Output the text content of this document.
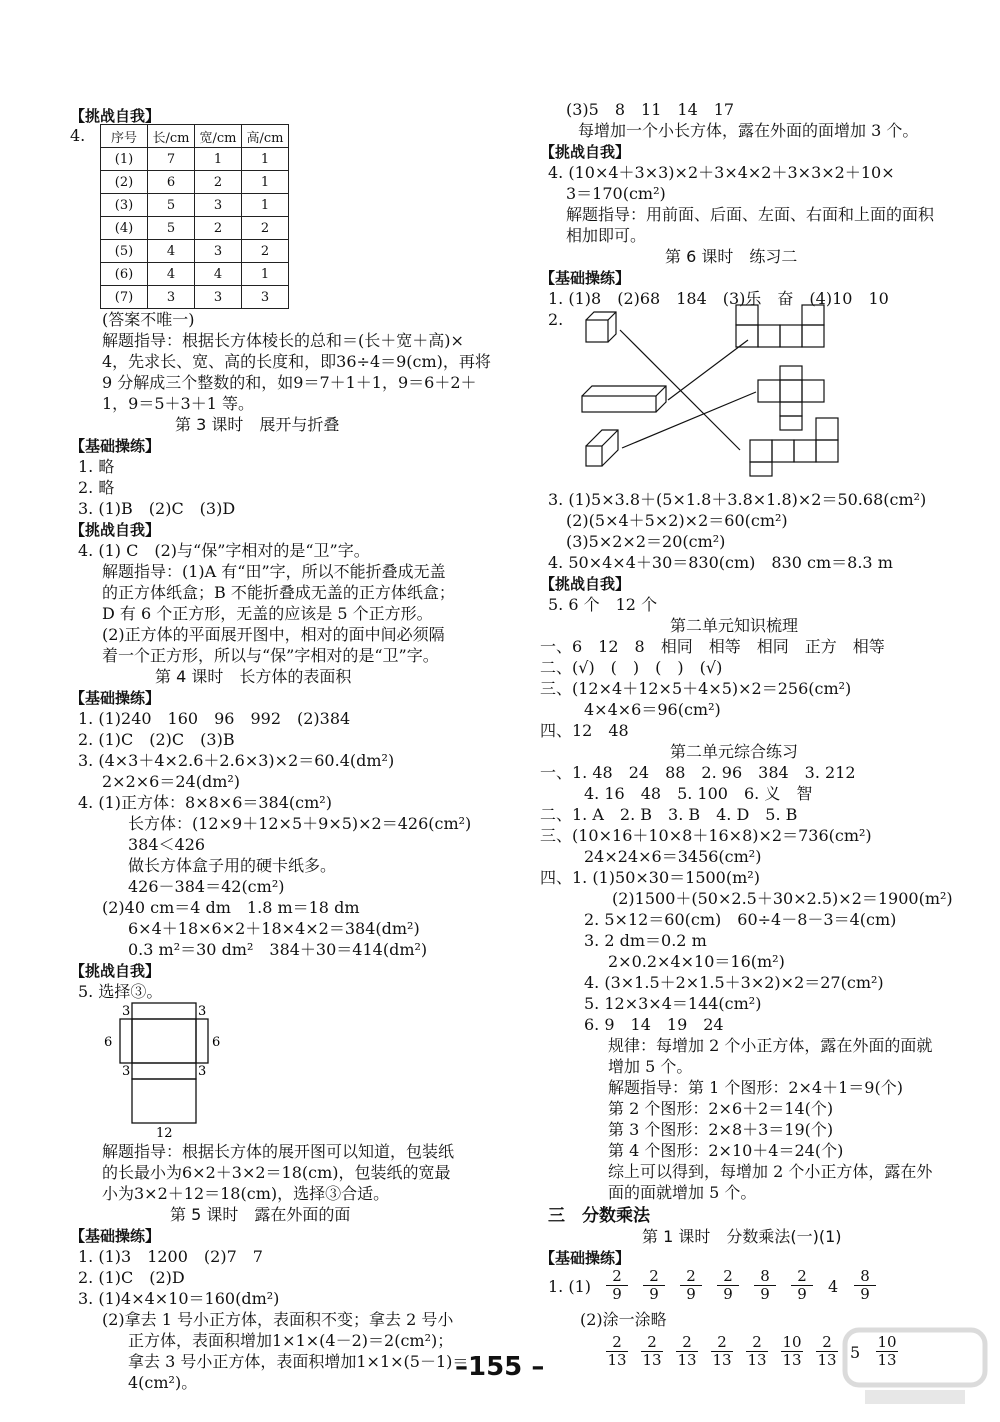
【挑战自我】
4. 序号	长/cm	宽/cm	高/cm
(1)	7	1	1
(2)	6	2	1
(3)	5	3	1
(4)	5	2	2
(5)	4	3	2
(6)	4	4	1
(7)	3	3	3
(答案不唯一)
解题指导：根据长方体棱长的总和＝(长＋宽＋高)×
4，先求长、宽、高的长度和，即36÷4＝9(cm)，再将
9 分解成三个整数的和，如9＝7＋1＋1，9＝6＋2＋
1，9＝5＋3＋1 等。
第 3 课时　展开与折叠
【基础操练】
1. 略
2. 略
3. (1)B　(2)C　(3)D
【挑战自我】
4. (1) C　(2)与“保”字相对的是“卫”字。
解题指导：(1)A 有“田”字，所以不能折叠成无盖
的正方体纸盒；B 不能折叠成无盖的正方体纸盒；
D 有 6 个正方形，无盖的应该是 5 个正方形。
(2)正方体的平面展开图中，相对的面中间必须隔
着一个正方形，所以与“保”字相对的是“卫”字。
第 4 课时　长方体的表面积
【基础操练】
1. (1)240　160　96　992　(2)384
2. (1)C　(2)C　(3)B
3. (4×3＋4×2.6＋2.6×3)×2＝60.4(dm²)
2×2×6＝24(dm²)
4. (1)正方体：8×8×6＝384(cm²)
长方体：(12×9＋12×5＋9×5)×2＝426(cm²)
384＜426
做长方体盒子用的硬卡纸多。
426－384＝42(cm²)
(2)40 cm＝4 dm　1.8 m＝18 dm
6×4＋18×6×2＋18×4×2＝384(dm²)
0.3 m²＝30 dm²　384＋30＝414(dm²)
【挑战自我】
5. 选择③。
3	3
6	6
3	3
12
解题指导：根据长方体的展开图可以知道，包装纸
的长最小为6×2＋3×2＝18(cm)，包装纸的宽最
小为3×2＋12＝18(cm)，选择③合适。
第 5 课时　露在外面的面
【基础操练】
1. (1)3　1200　(2)7　7
2. (1)C　(2)D
3. (1)4×4×10＝160(dm²)
(2)拿去 1 号小正方体，表面积不变；拿去 2 号小
正方体，表面积增加1×1×(4－2)＝2(cm²)；
拿去 3 号小正方体，表面积增加1×1×(5－1)＝
4(cm²)。
(3)5　8　11　14　17
每增加一个小长方体，露在外面的面增加 3 个。
【挑战自我】
4. (10×4＋3×3)×2＋3×4×2＋3×3×2＋10×
3＝170(cm²)
解题指导：用前面、后面、左面、右面和上面的面积
相加即可。
第 6 课时　练习二
【基础操练】
1. (1)8　(2)68　184　(3)乐　奋　(4)10　10
2.
3. (1)5×3.8＋(5×1.8＋3.8×1.8)×2＝50.68(cm²)
(2)(5×4＋5×2)×2＝60(cm²)
(3)5×2×2＝20(cm²)
4. 50×4×4＋30＝830(cm)　830 cm＝8.3 m
【挑战自我】
5. 6 个　12 个
第二单元知识梳理
一、6　12　8　相同　相等　相同　正方　相等
二、(√)　(　)　(　)　(√)
三、(12×4＋12×5＋4×5)×2＝256(cm²)
4×4×6＝96(cm²)
四、12　48
第二单元综合练习
一、1. 48　24　88　2. 96　384　3. 212
4. 16　48　5. 100　6. 义　智
二、1. A　2. B　3. B　4. D　5. B
三、(10×16＋10×8＋16×8)×2＝736(cm²)
24×24×6＝3456(cm²)
四、1. (1)50×30＝1500(m²)
(2)1500＋(50×2.5＋30×2.5)×2＝1900(m²)
2. 5×12＝60(cm)　60÷4－8－3＝4(cm)
3. 2 dm＝0.2 m
2×0.2×4×10＝16(m²)
4. (3×1.5＋2×1.5＋3×2)×2＝27(cm²)
5. 12×3×4＝144(cm²)
6. 9　14　19　24
规律：每增加 2 个小正方体，露在外面的面就
增加 5 个。
解题指导：第 1 个图形：2×4＋1＝9(个)
第 2 个图形：2×6＋2＝14(个)
第 3 个图形：2×8＋3＝19(个)
第 4 个图形：2×10＋4＝24(个)
综上可以得到，每增加 2 个小正方体，露在外
面的面就增加 5 个。
三　分数乘法
第 1 课时　分数乘法(一)(1)
【基础操练】
1. $(1) \frac{2}{9} \frac{2}{9} \frac{2}{9} \frac{2}{9} \frac{8}{9} \frac{2}{9} 4 \frac{8}{9}$
(2)涂一涂略
$\frac{2}{13} \frac{2}{13} \frac{2}{13} \frac{2}{13} \frac{2}{13} \frac{10}{13} \frac{2}{13} 5 \frac{10}{13}$
–155 –
